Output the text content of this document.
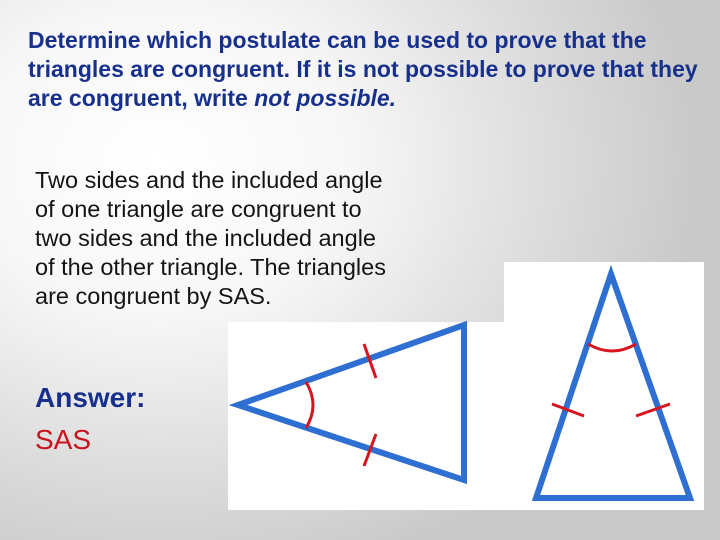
Determine which postulate can be used to prove that the triangles are congruent. If it is not possible to prove that they are congruent, write not possible.

Two sides and the included angle of one triangle are congruent to two sides and the included angle of the other triangle. The triangles are congruent by SAS.

Answer:

SAS
